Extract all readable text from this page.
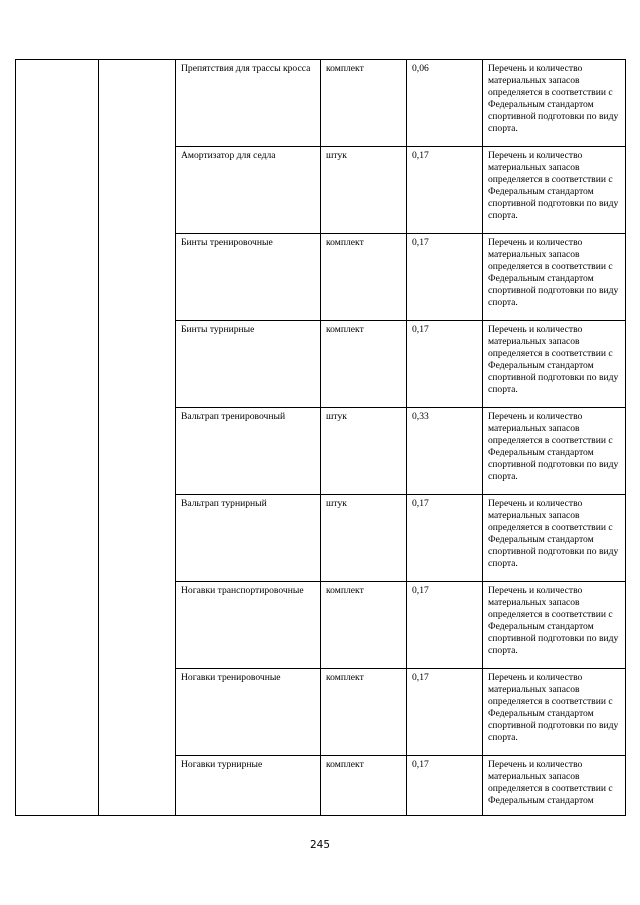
		Препятствия для трассы кросса	комплект	0,06	Перечень и количество материальных запасов определяется в соответствии с Федеральным стандартом спортивной подготовки по виду спорта.
		Амортизатор для седла	штук	0,17	Перечень и количество материальных запасов определяется в соответствии с Федеральным стандартом спортивной подготовки по виду спорта.
		Бинты тренировочные	комплект	0,17	Перечень и количество материальных запасов определяется в соответствии с Федеральным стандартом спортивной подготовки по виду спорта.
		Бинты турнирные	комплект	0,17	Перечень и количество материальных запасов определяется в соответствии с Федеральным стандартом спортивной подготовки по виду спорта.
		Вальтрап тренировочный	штук	0,33	Перечень и количество материальных запасов определяется в соответствии с Федеральным стандартом спортивной подготовки по виду спорта.
		Вальтрап турнирный	штук	0,17	Перечень и количество материальных запасов определяется в соответствии с Федеральным стандартом спортивной подготовки по виду спорта.
		Ногавки транспортировочные	комплект	0,17	Перечень и количество материальных запасов определяется в соответствии с Федеральным стандартом спортивной подготовки по виду спорта.
		Ногавки тренировочные	комплект	0,17	Перечень и количество материальных запасов определяется в соответствии с Федеральным стандартом спортивной подготовки по виду спорта.
		Ногавки турнирные	комплект	0,17	Перечень и количество материальных запасов определяется в соответствии с Федеральным стандартом
245
